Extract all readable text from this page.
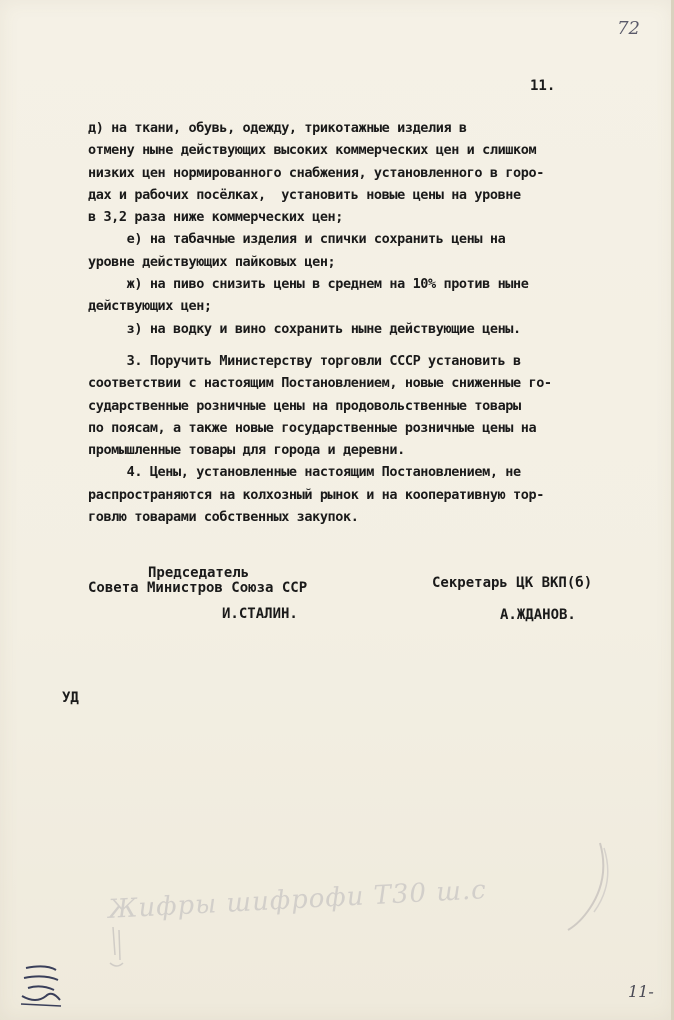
72
11.

д) на ткани, обувь, одежду, трикотажные изделия в

отмену ныне действующих высоких коммерческих цен и слишком

низких цен нормированного снабжения, установленного в горо-

дах и рабочих посёлках,  установить новые цены на уровне

в 3,2 раза ниже коммерческих цен;

е) на табачные изделия и спички сохранить цены на

уровне действующих пайковых цен;

ж) на пиво снизить цены в среднем на 10% против ныне

действующих цен;

з) на водку и вино сохранить ныне действующие цены.

3. Поручить Министерству торговли СССР установить в

соответствии с настоящим Постановлением, новые сниженные го-

сударственные розничные цены на продовольственные товары

по поясам, а также новые государственные розничные цены на

промышленные товары для города и деревни.

4. Цены, установленные настоящим Постановлением, не

распространяются на колхозный рынок и на кооперативную тор-

говлю товарами собственных закупок.

Председатель
Совета Министров Союза ССР
И.СТАЛИН.
Секретарь ЦК ВКП(б)
А.ЖДАНОВ.
УД
Жифры шифрофи Т30 ш.с
11-
